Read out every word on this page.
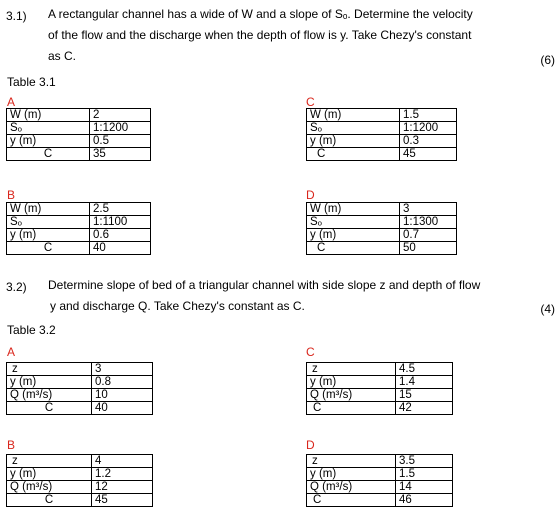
3.1) A rectangular channel has a wide of W and a slope of Sₒ. Determine the velocity
of the flow and the discharge when the depth of flow is y. Take Chezy's constant
as C.	(6)
Table 3.1
A
W (m)	2
Sₒ	1:1200
y (m)	0.5
C	35
C
W (m)	1.5
Sₒ	1:1200
y (m)	0.3
C	45
B
W (m)	2.5
Sₒ	1:1100
y (m)	0.6
C	40
D
W (m)	3
Sₒ	1:1300
y (m)	0.7
C	50
3.2) Determine slope of bed of a triangular channel with side slope z and depth of flow
y and discharge Q. Take Chezy's constant as C.	(4)
Table 3.2
A
z	3
y (m)	0.8
Q (m³/s)	10
C	40
C
z	4.5
y (m)	1.4
Q (m³/s)	15
C	42
B
z	4
y (m)	1.2
Q (m³/s)	12
C	45
D
z	3.5
y (m)	1.5
Q (m³/s)	14
C	46
